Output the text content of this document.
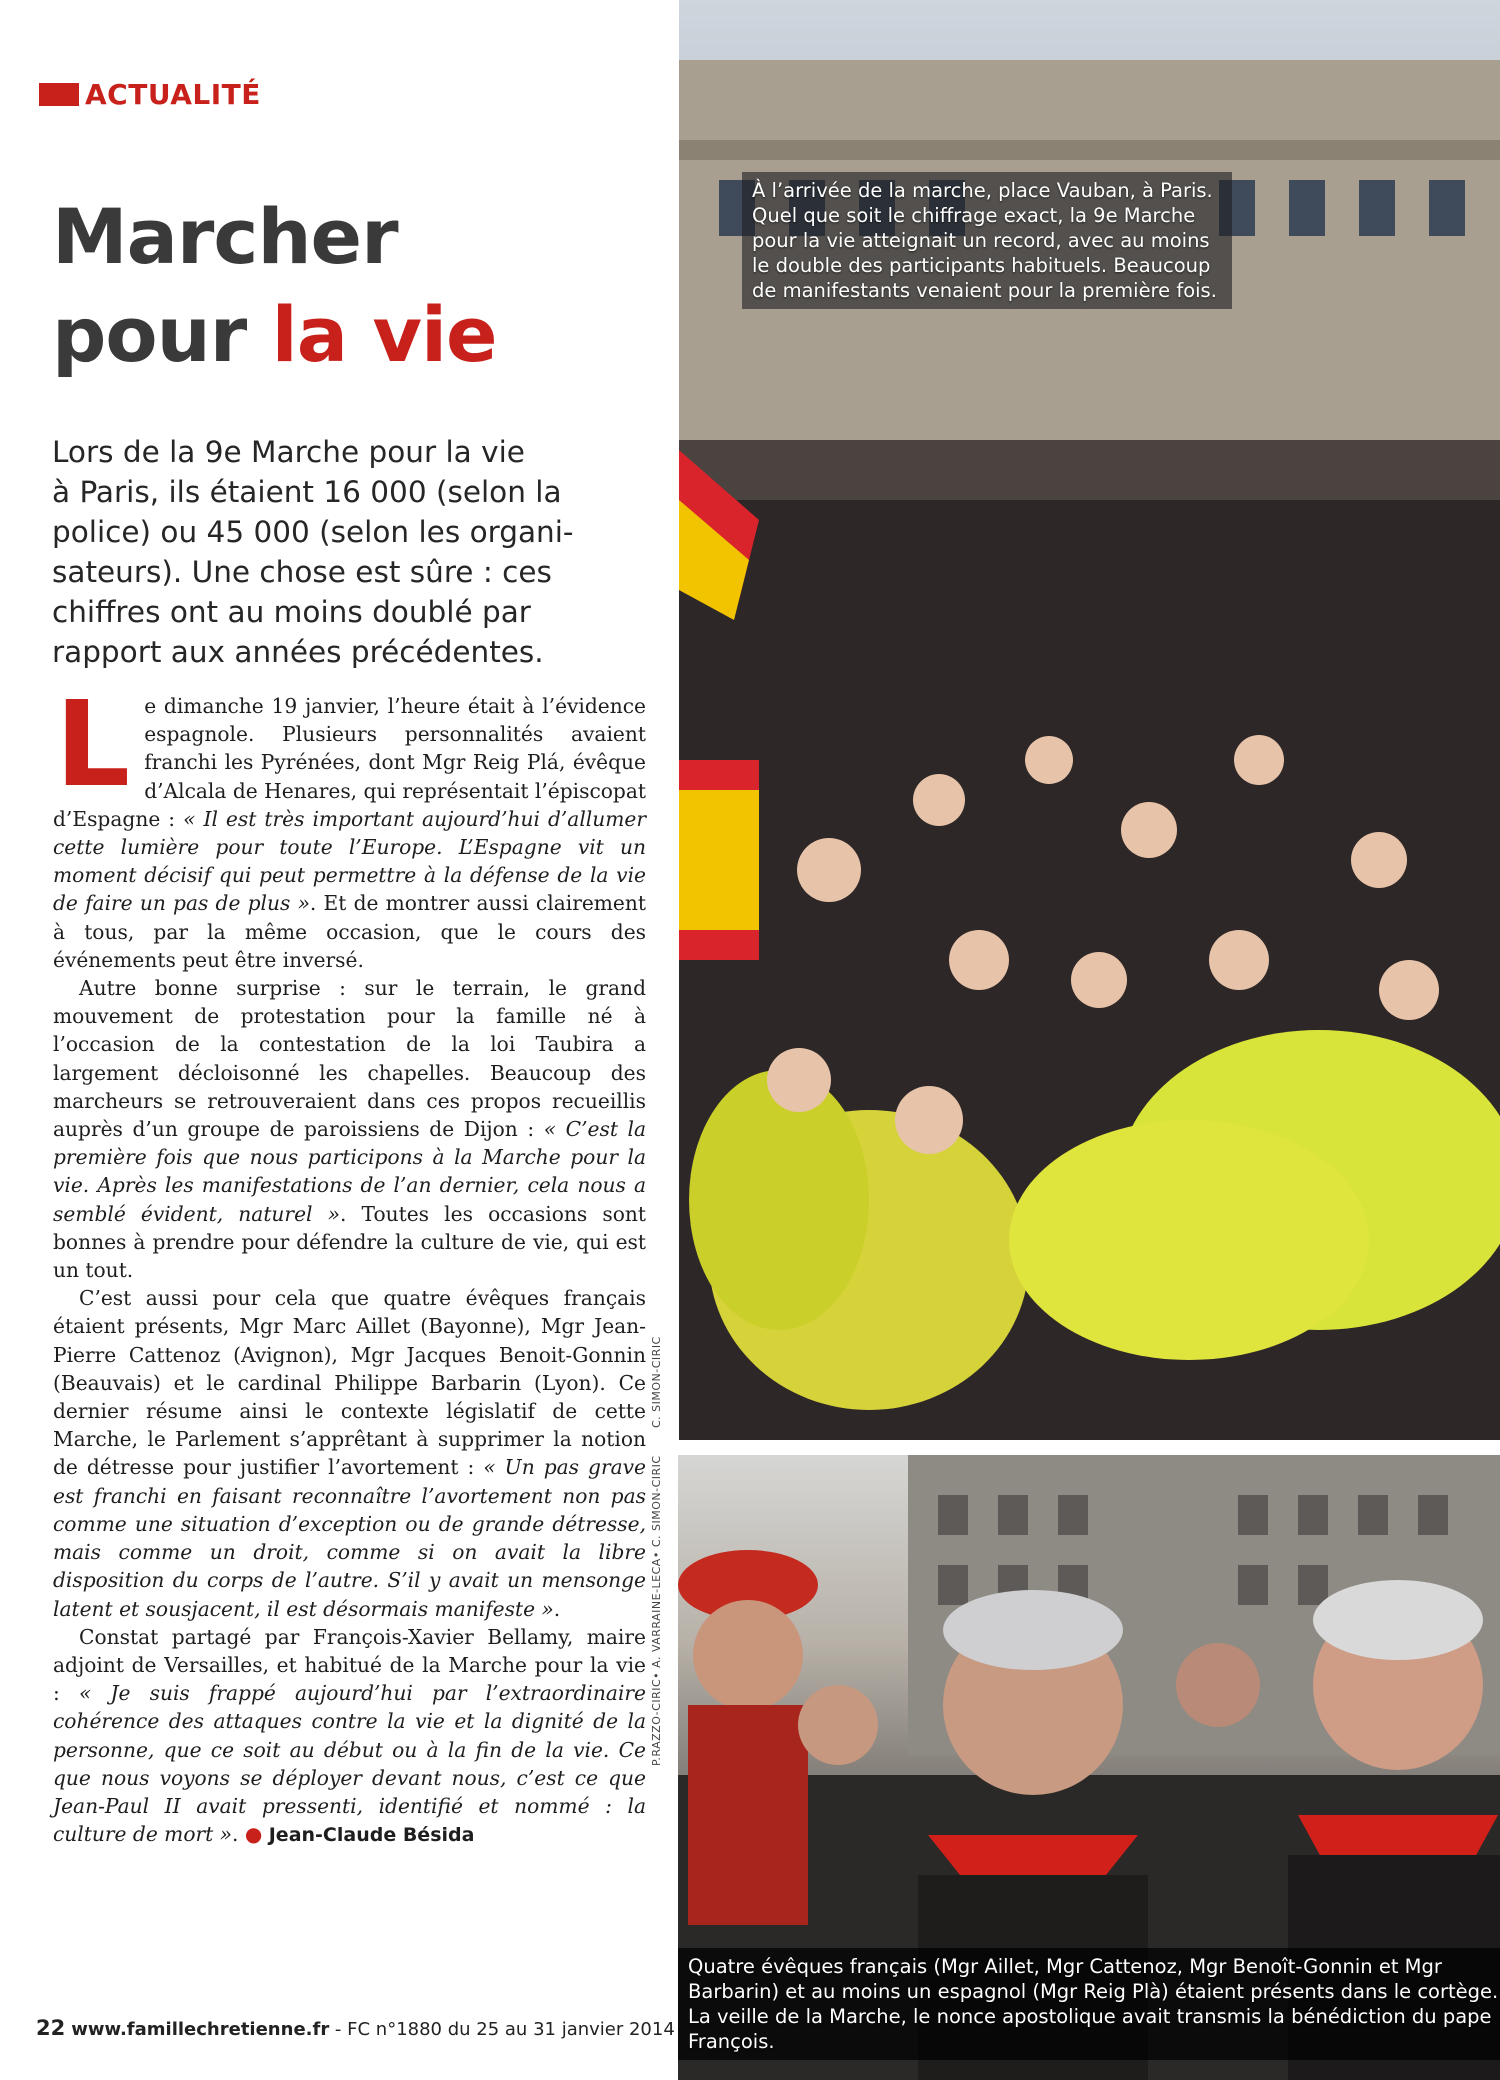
ACTUALITÉ
Marcher
pour la vie

Lors de la 9e Marche pour la vie

à Paris, ils étaient 16 000 (selon la

police) ou 45 000 (selon les organi-

sateurs). Une chose est sûre : ces

chiffres ont au moins doublé par

rapport aux années précédentes.

Le dimanche 19 janvier, l’heure était à l’évidence espagnole. Plusieurs personnalités avaient franchi les Pyrénées, dont Mgr Reig Plá, évêque d’Alcala de Henares, qui représentait l’épiscopat d’Espagne : « Il est très important aujourd’hui d’allumer cette lumière pour toute l’Europe. L’Espagne vit un moment décisif qui peut permettre à la défense de la vie de faire un pas de plus ». Et de montrer aussi clairement à tous, par la même occasion, que le cours des événements peut être inversé.

Autre bonne surprise : sur le terrain, le grand mouvement de protestation pour la famille né à l’occasion de la contestation de la loi Taubira a largement décloisonné les chapelles. Beaucoup des marcheurs se retrouveraient dans ces propos recueillis auprès d’un groupe de paroissiens de Dijon : « C’est la première fois que nous participons à la Marche pour la vie. Après les manifestations de l’an dernier, cela nous a semblé évident, naturel ». Toutes les occasions sont bonnes à prendre pour défendre la culture de vie, qui est un tout.

C’est aussi pour cela que quatre évêques français étaient présents, Mgr Marc Aillet (Bayonne), Mgr Jean-Pierre Cattenoz (Avignon), Mgr Jacques Benoit-Gonnin (Beauvais) et le cardinal Philippe Barbarin (Lyon). Ce dernier résume ainsi le contexte législatif de cette Marche, le Parlement s’apprêtant à supprimer la notion de détresse pour justifier l’avortement : « Un pas grave est franchi en faisant reconnaître l’avortement non pas comme une situation d’exception ou de grande détresse, mais comme un droit, comme si on avait la libre disposition du corps de l’autre. S’il y avait un mensonge latent et sousjacent, il est désormais manifeste ».

Constat partagé par François-Xavier Bellamy, maire adjoint de Versailles, et habitué de la Marche pour la vie : « Je suis frappé aujourd’hui par l’extraordinaire cohérence des attaques contre la vie et la dignité de la personne, que ce soit au début ou à la fin de la vie. Ce que nous voyons se déployer devant nous, c’est ce que Jean-Paul II avait pressenti, identifié et nommé : la culture de mort ». ● Jean-Claude Bésida

22 www.famillechretienne.fr - FC n°1880 du 25 au 31 janvier 2014
À l’arrivée de la marche, place Vauban, à Paris. Quel que soit le chiffrage exact, la 9e Marche pour la vie atteignait un record, avec au moins le double des participants habituels. Beaucoup de manifestants venaient pour la première fois.
C. SIMON-CIRIC
Quatre évêques français (Mgr Aillet, Mgr Cattenoz, Mgr Benoît-Gonnin et Mgr Barbarin) et au moins un espagnol (Mgr Reig Plà) étaient présents dans le cortège. La veille de la Marche, le nonce apostolique avait transmis la bénédiction du pape François.
P.RAZZO-CIRIC• A. VARRAINE-LECA• C. SIMON-CIRIC
